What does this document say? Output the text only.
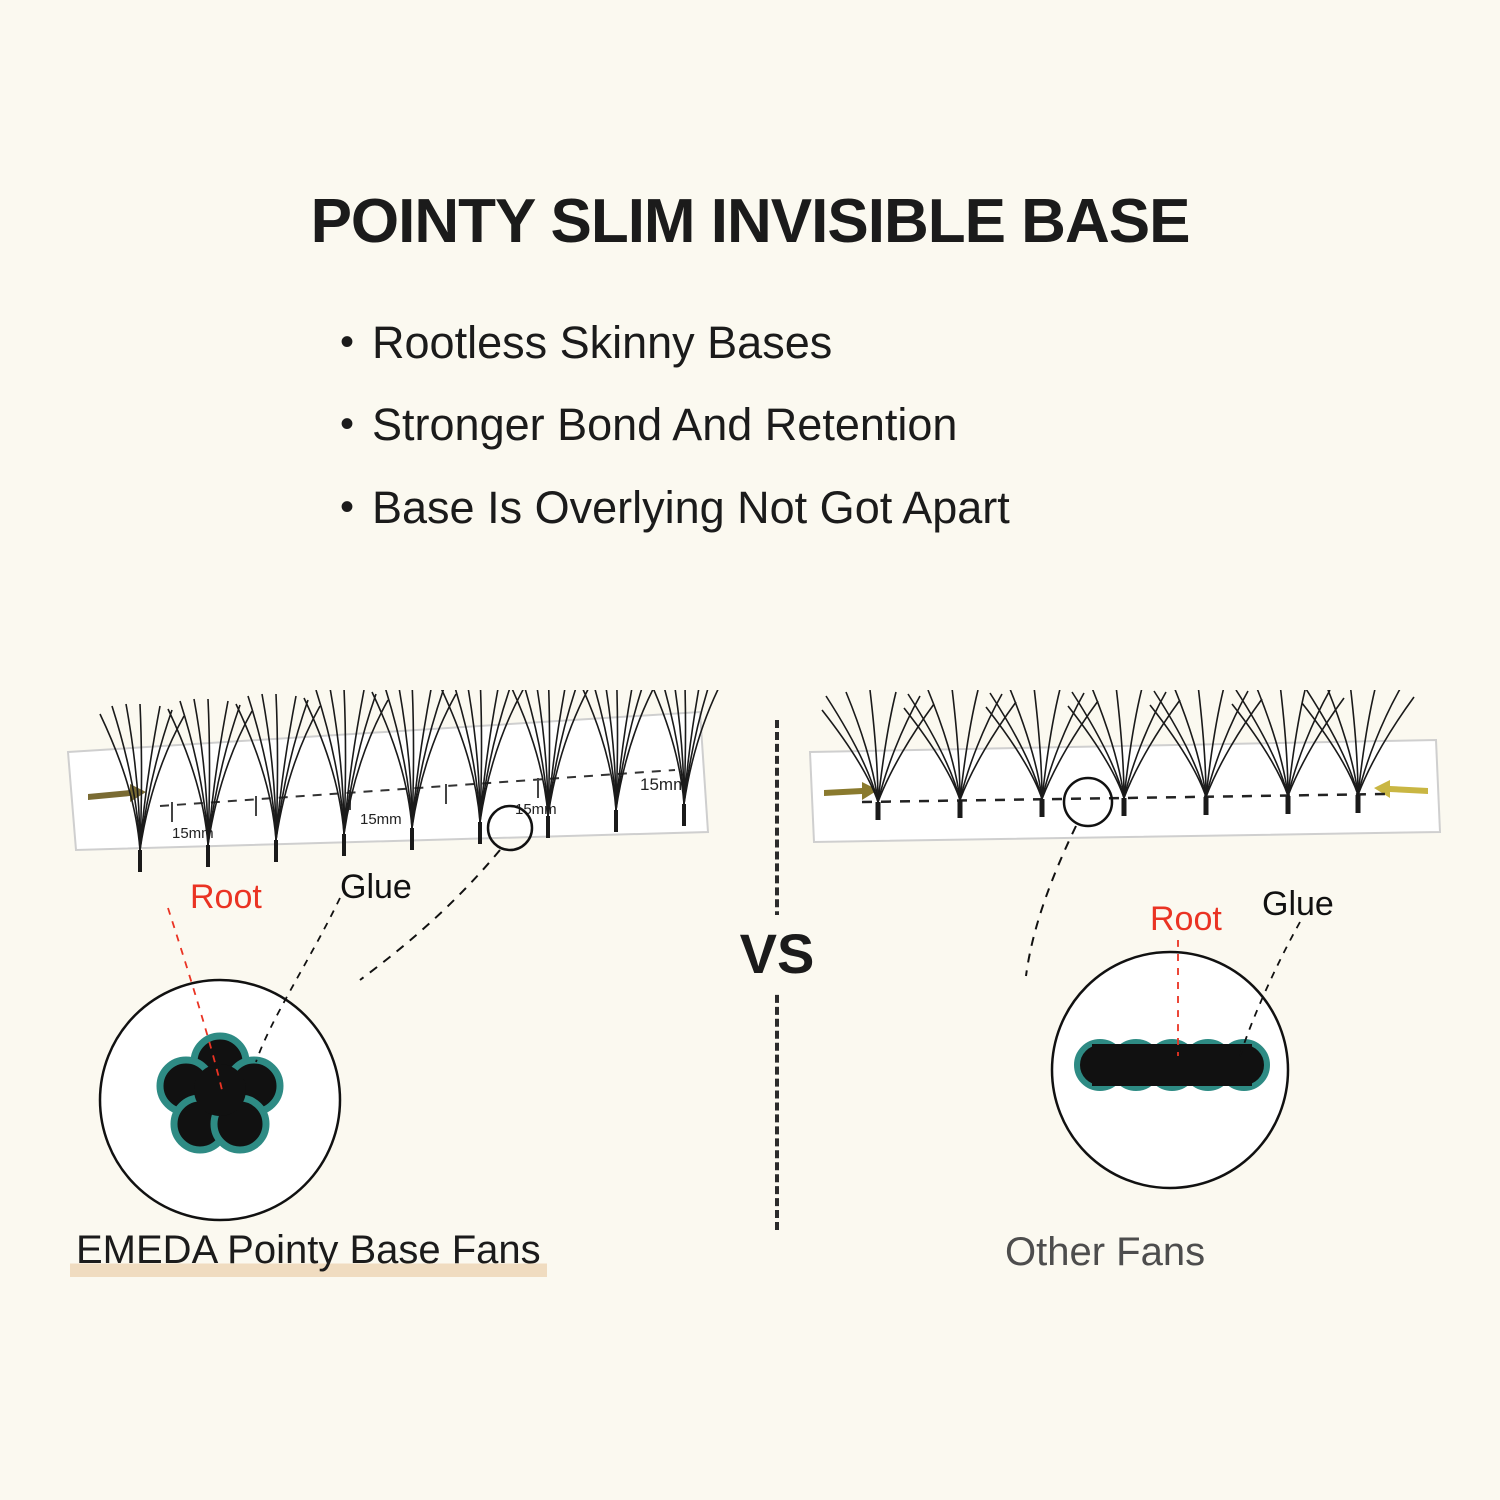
POINTY SLIM INVISIBLE BASE
• Rootless Skinny Bases
• Stronger Bond And Retention
• Base Is Overlying Not Got Apart
VS
15mm
15mm
15mm
15mm
Root Glue
EMEDA Pointy Base Fans
Root Glue
Other Fans
